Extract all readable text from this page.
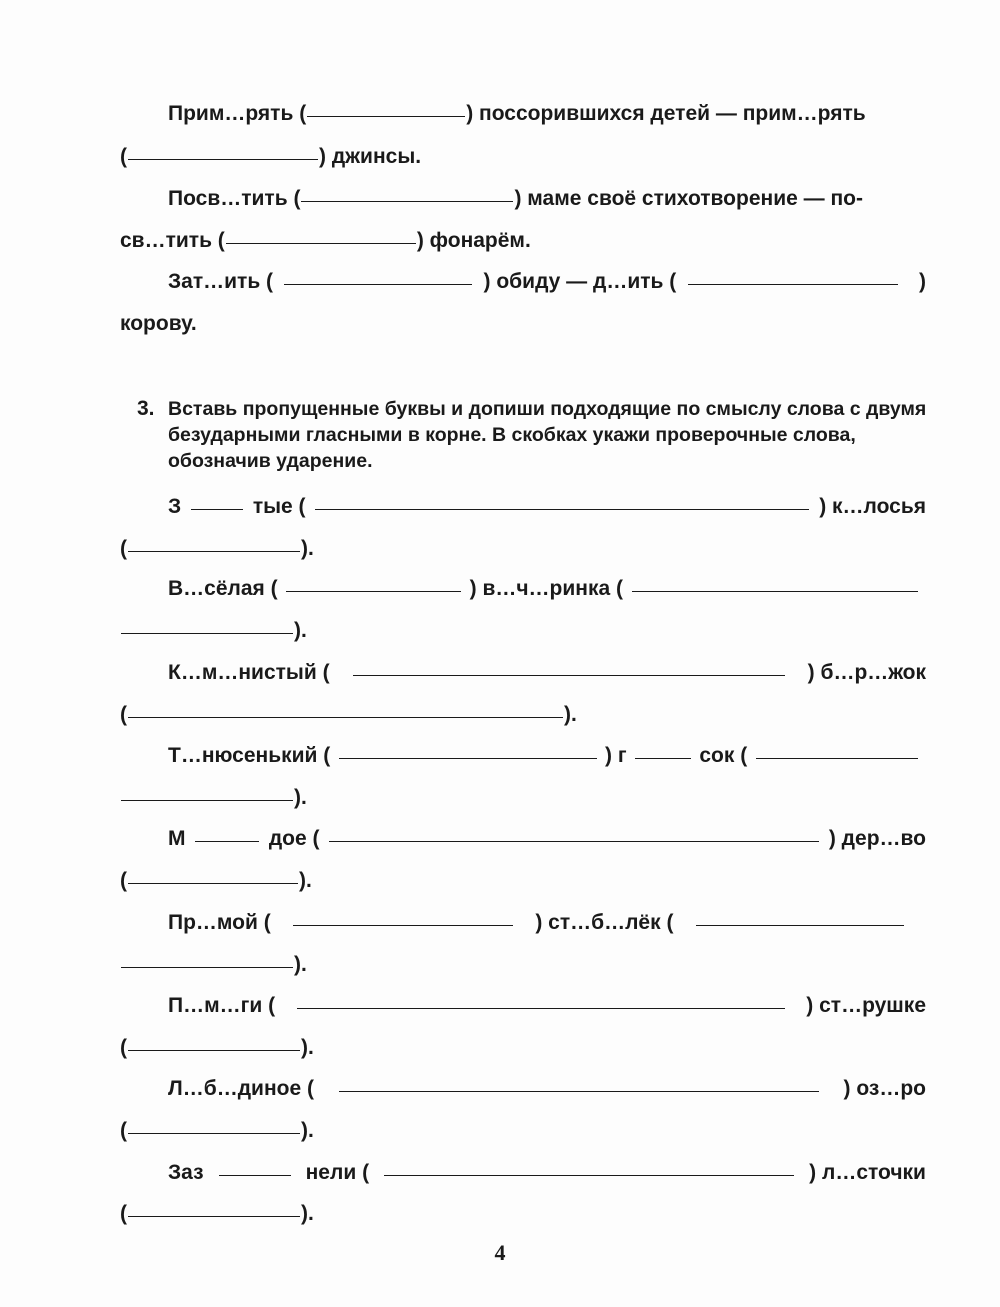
Прим…рять (	) поссорившихся детей — прим…рять
(	) джинсы.
Посв…тить (	) маме своё стихотворение — по-
св…тить (	) фонарём.
Зат…ить (	) обиду — д…ить (	)
корову.
3. Вставь пропущенные буквы и допиши подходящие по смыслу слова с двумя безударными гласными в корне. В скобках укажи проверочные слова, обозначив ударение.
З	тые (	) к…лосья
(	).
В…сёлая (	) в…ч…ринка (
).
К…м…нистый (	) б…р…жок
(	).
Т…нюсенький (	) г	сок (
).
М	дое (	) дер…во
(	).
Пр…мой (	) ст…б…лёк (
).
П…м…ги (	) ст…рушке
(	).
Л…б…диное (	) оз…ро
(	).
Заз	нели (	) л…сточки
(	).
4
